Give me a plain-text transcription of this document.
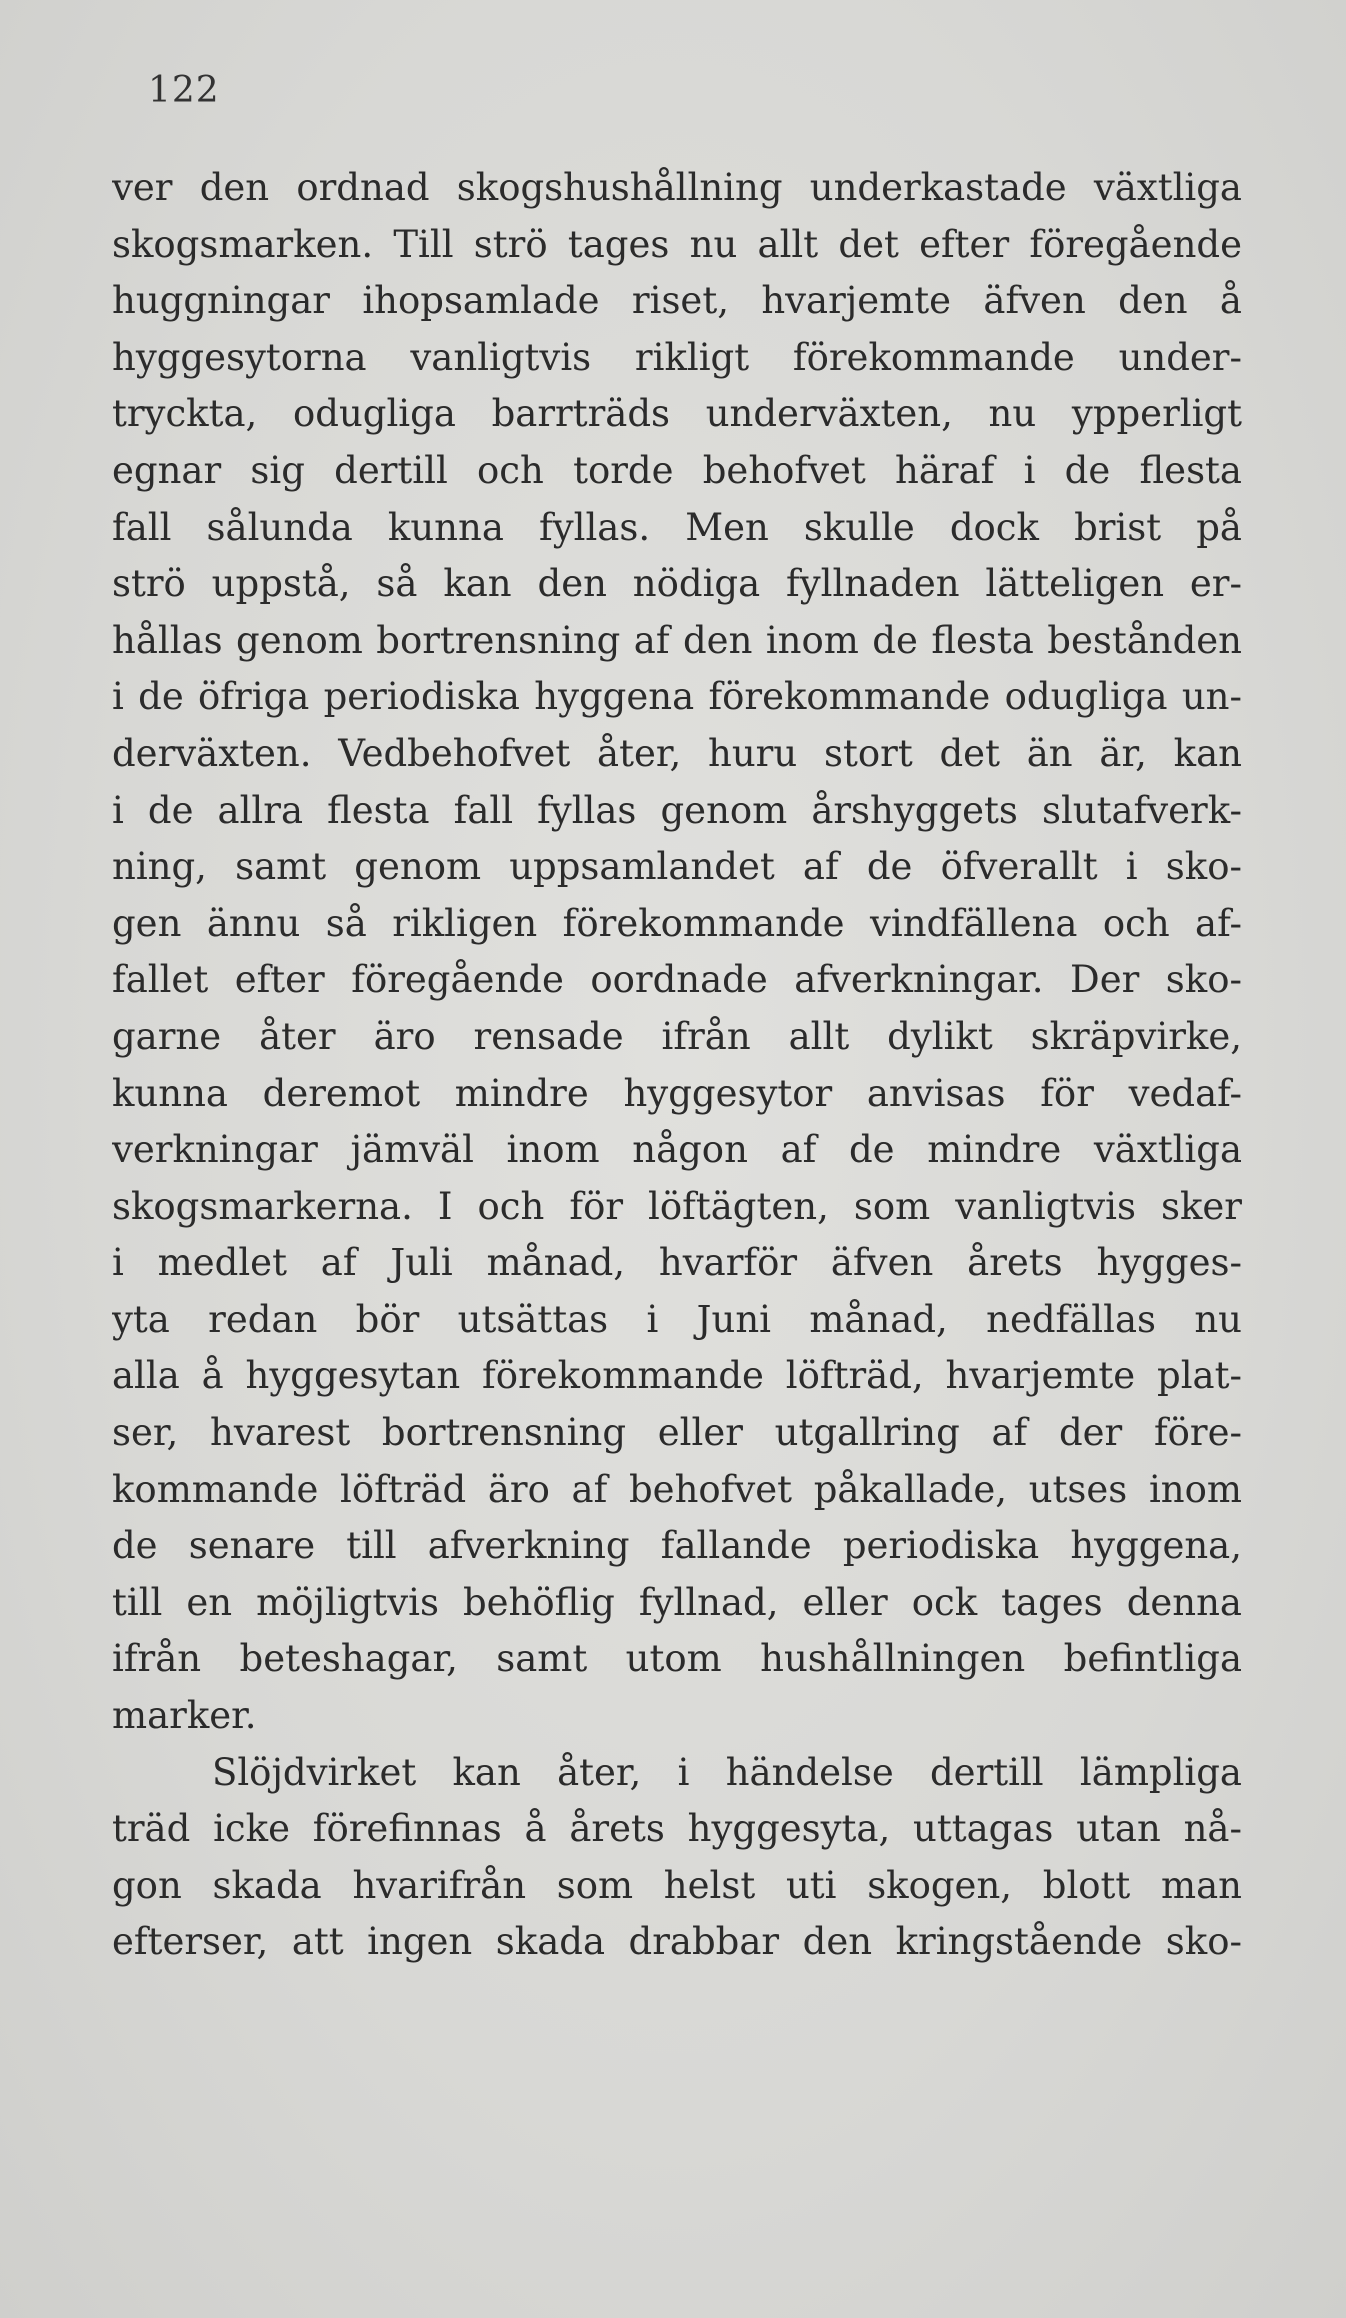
122
ver den ordnad skogshushållning underkastade växtliga
skogsmarken. Till strö tages nu allt det efter föregående
huggningar ihopsamlade riset, hvarjemte äfven den å
hyggesytorna vanligtvis rikligt förekommande under-
tryckta, odugliga barrträds underväxten, nu ypperligt
egnar sig dertill och torde behofvet häraf i de flesta
fall sålunda kunna fyllas. Men skulle dock brist på
strö uppstå, så kan den nödiga fyllnaden lätteligen er-
hållas genom bortrensning af den inom de flesta bestånden
i de öfriga periodiska hyggena förekommande odugliga un-
derväxten. Vedbehofvet åter, huru stort det än är, kan
i de allra flesta fall fyllas genom årshyggets slutafverk-
ning, samt genom uppsamlandet af de öfverallt i sko-
gen ännu så rikligen förekommande vindfällena och af-
fallet efter föregående oordnade afverkningar. Der sko-
garne åter äro rensade ifrån allt dylikt skräpvirke,
kunna deremot mindre hyggesytor anvisas för vedaf-
verkningar jämväl inom någon af de mindre växtliga
skogsmarkerna. I och för löftägten, som vanligtvis sker
i medlet af Juli månad, hvarför äfven årets hygges-
yta redan bör utsättas i Juni månad, nedfällas nu
alla å hyggesytan förekommande löfträd, hvarjemte plat-
ser, hvarest bortrensning eller utgallring af der före-
kommande löfträd äro af behofvet påkallade, utses inom
de senare till afverkning fallande periodiska hyggena,
till en möjligtvis behöflig fyllnad, eller ock tages denna
ifrån beteshagar, samt utom hushållningen befintliga
marker.
Slöjdvirket kan åter, i händelse dertill lämpliga
träd icke förefinnas å årets hyggesyta, uttagas utan nå-
gon skada hvarifrån som helst uti skogen, blott man
efterser, att ingen skada drabbar den kringstående sko-
